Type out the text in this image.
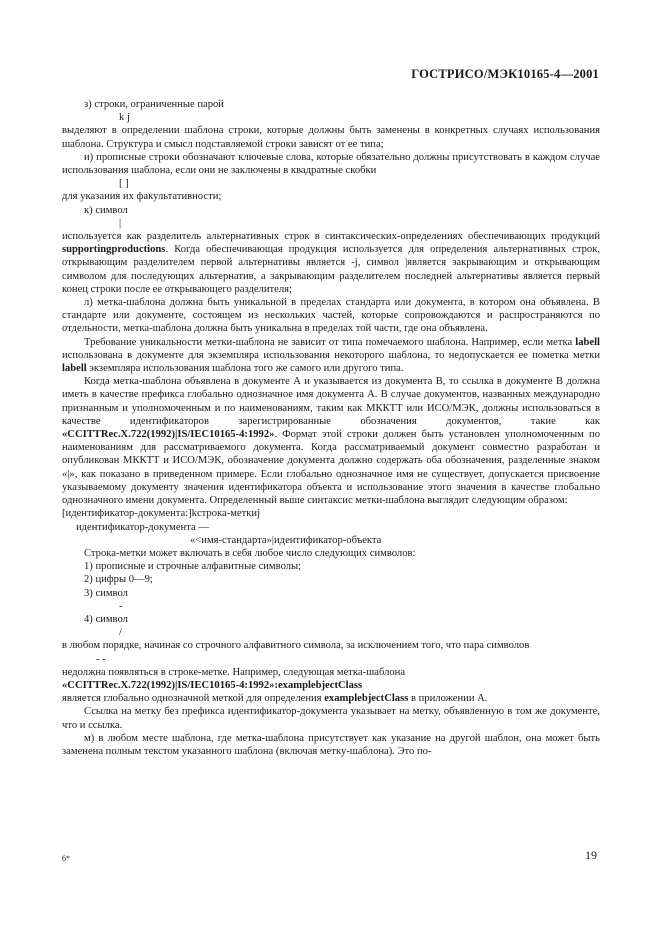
ГОСТРИСО/МЭК10165-4—2001

з) строки, ограниченные парой

k j

выделяют в определении шаблона строки, которые должны быть заменены в конкретных случаях использования шаблона. Структура и смысл подставляемой строки зависят от ее типа;

и) прописные строки обозначают ключевые слова, которые обязательно должны присутствовать в каждом случае использования шаблона, если они не заключены в квадратные скобки

[ ]

для указания их факультативности;

к) символ

|

используется как разделитель альтернативных строк в синтаксических-определениях обеспечивающих продукций supportingproductions. Когда обеспечивающая продукция используется для определения альтернативных строк, открывающим разделителем первой альтернативы является -j, символ |является закрывающим и открывающим символом для последующих альтернатив, а закрывающим разделителем последней альтернативы является первый конец строки после ее открывающего разделителя;

л) метка-шаблона должна быть уникальной в пределах стандарта или документа, в котором она объявлена. В стандарте или документе, состоящем из нескольких частей, которые сопровождаются и распространяются по отдельности, метка-шаблона должна быть уникальна в пределах той части, где она объявлена.

Требование уникальности метки-шаблона не зависит от типа помечаемого шаблона. Например, если метка labell использована в документе для экземпляра использования некоторого шаблона, то недопускается ее пометка метки labell экземпляра использования шаблона того же самого или другого типа.

Когда метка-шаблона объявлена в документе А и указывается из документа В, то ссылка в документе В должна иметь в качестве префикса глобально однозначное имя документа А. В случае документов, названных международно признанным и уполномоченным и по наименованиям, таким как МККТТ или ИСО/МЭК, должны использоваться в качестве идентификаторов зарегистрированные обозначения документов, такие как «CCITTRec.X.722(1992)|IS/IEC10165-4:1992». Формат этой строки должен быть установлен уполномоченным по наименованиям для рассматриваемого документа. Когда рассматриваемый документ совместно разработан и опубликован МККТТ и ИСО/МЭК, обозначение документа должно содержать оба обозначения, разделенные знаком «|», как показано в приведенном примере. Если глобально однозначное имя не существует, допускается присвоение указываемому документу значения идентификатора объекта и использование этого значения в качестве глобально однозначного имени документа. Определенный выше синтаксис метки-шаблона выглядит следующим образом:

[идентификатор-документа:]kстрока-меткиj

идентификатор-документа —

«<имя-стандарта»|идентификатор-объекта

Строка-метки может включать в себя любое число следующих символов:

1) прописные и строчные алфавитные символы;

2) цифры 0—9;

3) символ

-

4) символ

/

в любом порядке, начиная со строчного алфавитного символа, за исключением того, что пара символов

- -

недолжна появляться в строке-метке. Например, следующая метка-шаблона

«CCITTRec.X.722(1992)|IS/IEC10165-4:1992»:examplebjectClass

является глобально однозначной меткой для определения examplebjectClass в приложении А.

Ссылка на метку без префикса идентификатор-документа указывает на метку, объявленную в том же документе, что и ссылка.

м) в любом месте шаблона, где метка-шаблона присутствует как указание на другой шаблон, она может быть заменена полным текстом указанного шаблона (включая метку-шаблона). Это по-

6*	19
